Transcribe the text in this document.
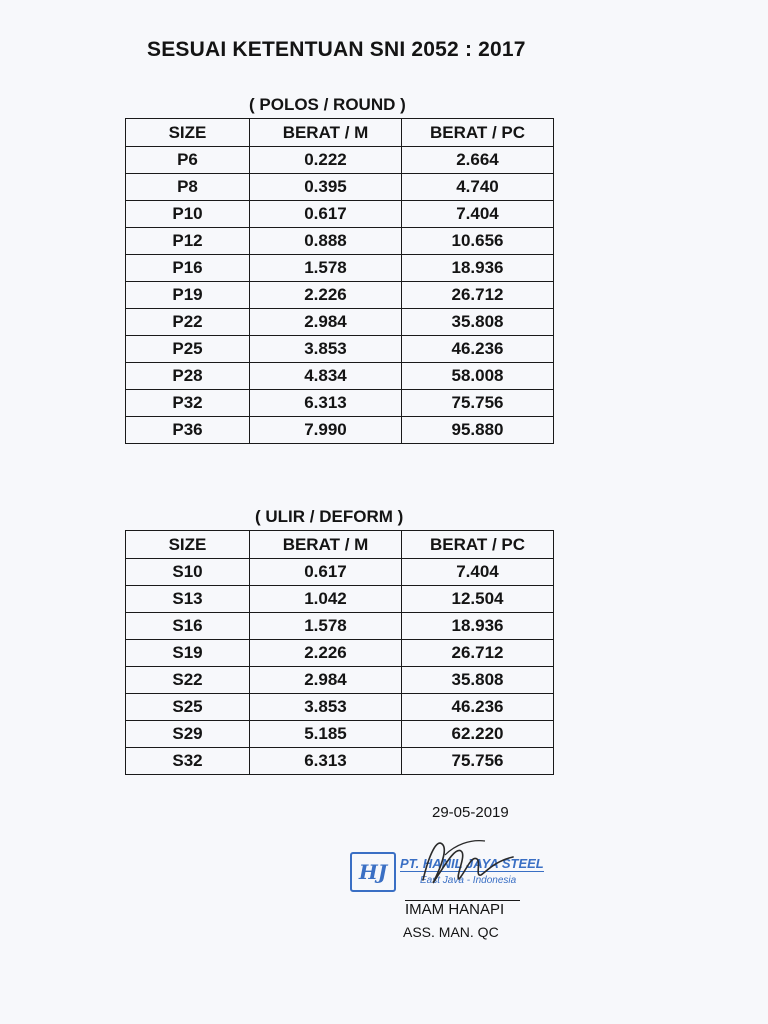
SESUAI KETENTUAN SNI 2052 : 2017
( POLOS / ROUND )
SIZE	BERAT / M	BERAT / PC
P6	0.222	2.664
P8	0.395	4.740
P10	0.617	7.404
P12	0.888	10.656
P16	1.578	18.936
P19	2.226	26.712
P22	2.984	35.808
P25	3.853	46.236
P28	4.834	58.008
P32	6.313	75.756
P36	7.990	95.880
( ULIR / DEFORM )
SIZE	BERAT / M	BERAT / PC
S10	0.617	7.404
S13	1.042	12.504
S16	1.578	18.936
S19	2.226	26.712
S22	2.984	35.808
S25	3.853	46.236
S29	5.185	62.220
S32	6.313	75.756
29-05-2019
HJ PT. HANIL JAYA STEEL
East Java - Indonesia
IMAM HANAPI
ASS. MAN. QC
